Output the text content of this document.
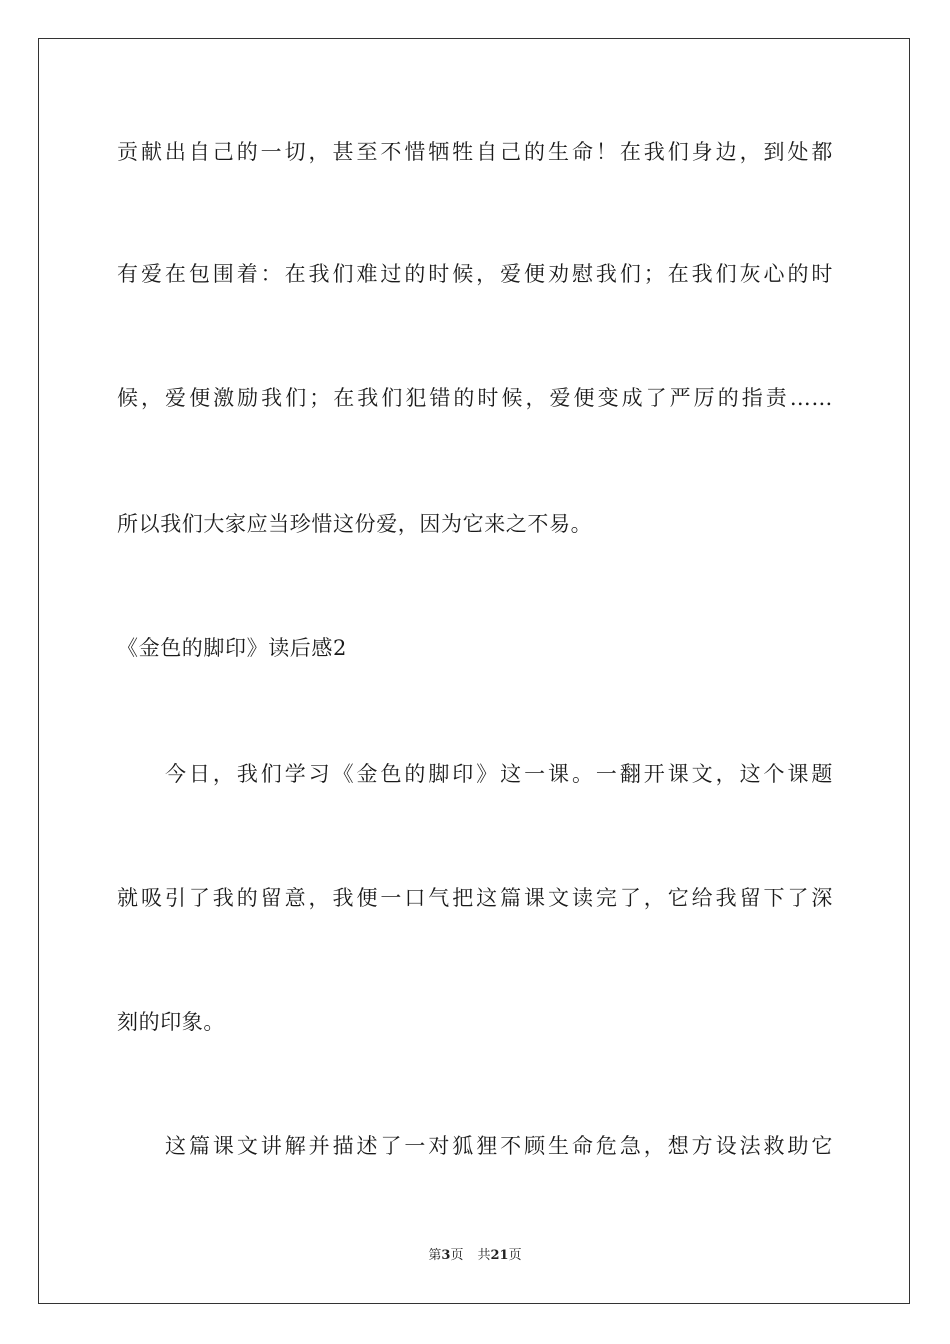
贡献出自己的一切，甚至不惜牺牲自己的生命！在我们身边，到处都
有爱在包围着：在我们难过的时候，爱便劝慰我们；在我们灰心的时
候，爱便激励我们；在我们犯错的时候，爱便变成了严厉的指责……
所以我们大家应当珍惜这份爱，因为它来之不易。
《金色的脚印》读后感2
今日，我们学习《金色的脚印》这一课。一翻开课文，这个课题
就吸引了我的留意，我便一口气把这篇课文读完了，它给我留下了深
刻的印象。
这篇课文讲解并描述了一对狐狸不顾生命危急，想方设法救助它
第3页 共21页
